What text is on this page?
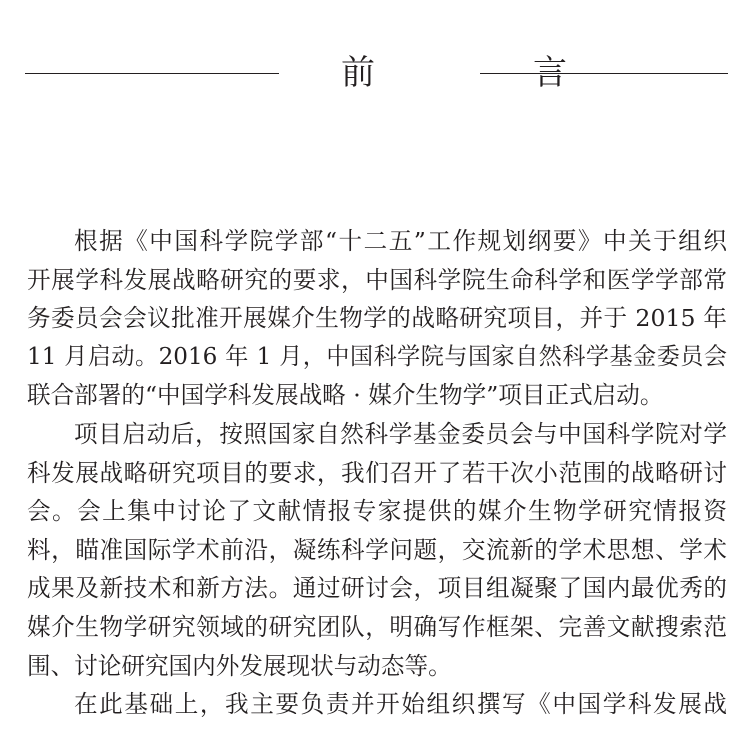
前　言
根据《中国科学院学部“十二五”工作规划纲要》中关于组织
开展学科发展战略研究的要求，中国科学院生命科学和医学学部常
务委员会会议批准开展媒介生物学的战略研究项目，并于 2015 年
11 月启动。2016 年 1 月，中国科学院与国家自然科学基金委员会
联合部署的“中国学科发展战略 · 媒介生物学”项目正式启动。
项目启动后，按照国家自然科学基金委员会与中国科学院对学
科发展战略研究项目的要求，我们召开了若干次小范围的战略研讨
会。会上集中讨论了文献情报专家提供的媒介生物学研究情报资
料，瞄准国际学术前沿，凝练科学问题，交流新的学术思想、学术
成果及新技术和新方法。通过研讨会，项目组凝聚了国内最优秀的
媒介生物学研究领域的研究团队，明确写作框架、完善文献搜索范
围、讨论研究国内外发展现状与动态等。
在此基础上，我主要负责并开始组织撰写《中国学科发展战
